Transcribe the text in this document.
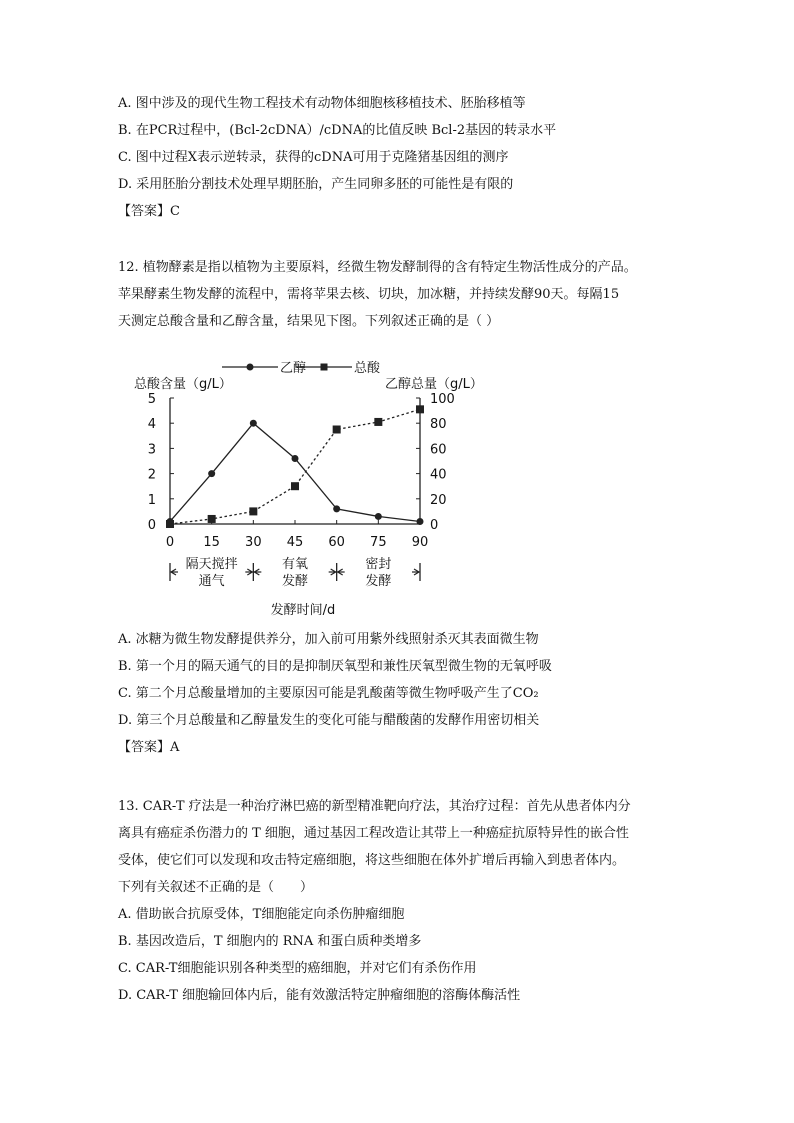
A. 图中涉及的现代生物工程技术有动物体细胞核移植技术、胚胎移植等
B. 在PCR过程中，(Bcl-2cDNA）/cDNA的比值反映 Bcl-2基因的转录水平
C. 图中过程X表示逆转录，获得的cDNA可用于克隆猪基因组的测序
D. 采用胚胎分割技术处理早期胚胎，产生同卵多胚的可能性是有限的
【答案】C
12. 植物酵素是指以植物为主要原料，经微生物发酵制得的含有特定生物活性成分的产品。
苹果酵素生物发酵的流程中，需将苹果去核、切块，加冰糖，并持续发酵90天。每隔15
天测定总酸含量和乙醇含量，结果见下图。下列叙述正确的是（ ）
乙醇	总酸
总酸含量（g/L）	乙醇总量（g/L）
0
1
2
3
4
5
0
20
40
60
80
100
0 15 30 45 60 75 90
隔天搅拌
通气
有氧
发酵
密封
发酵
发酵时间/d
A. 冰糖为微生物发酵提供养分，加入前可用紫外线照射杀灭其表面微生物
B. 第一个月的隔天通气的目的是抑制厌氧型和兼性厌氧型微生物的无氧呼吸
C. 第二个月总酸量增加的主要原因可能是乳酸菌等微生物呼吸产生了CO₂
D. 第三个月总酸量和乙醇量发生的变化可能与醋酸菌的发酵作用密切相关
【答案】A
13. CAR-T 疗法是一种治疗淋巴癌的新型精准靶向疗法，其治疗过程：首先从患者体内分
离具有癌症杀伤潜力的 T 细胞，通过基因工程改造让其带上一种癌症抗原特异性的嵌合性
受体，使它们可以发现和攻击特定癌细胞，将这些细胞在体外扩增后再输入到患者体内。
下列有关叙述不正确的是（　　）
A. 借助嵌合抗原受体，T细胞能定向杀伤肿瘤细胞
B. 基因改造后，T 细胞内的 RNA 和蛋白质种类增多
C. CAR-T细胞能识别各种类型的癌细胞，并对它们有杀伤作用
D. CAR-T 细胞输回体内后，能有效激活特定肿瘤细胞的溶酶体酶活性
